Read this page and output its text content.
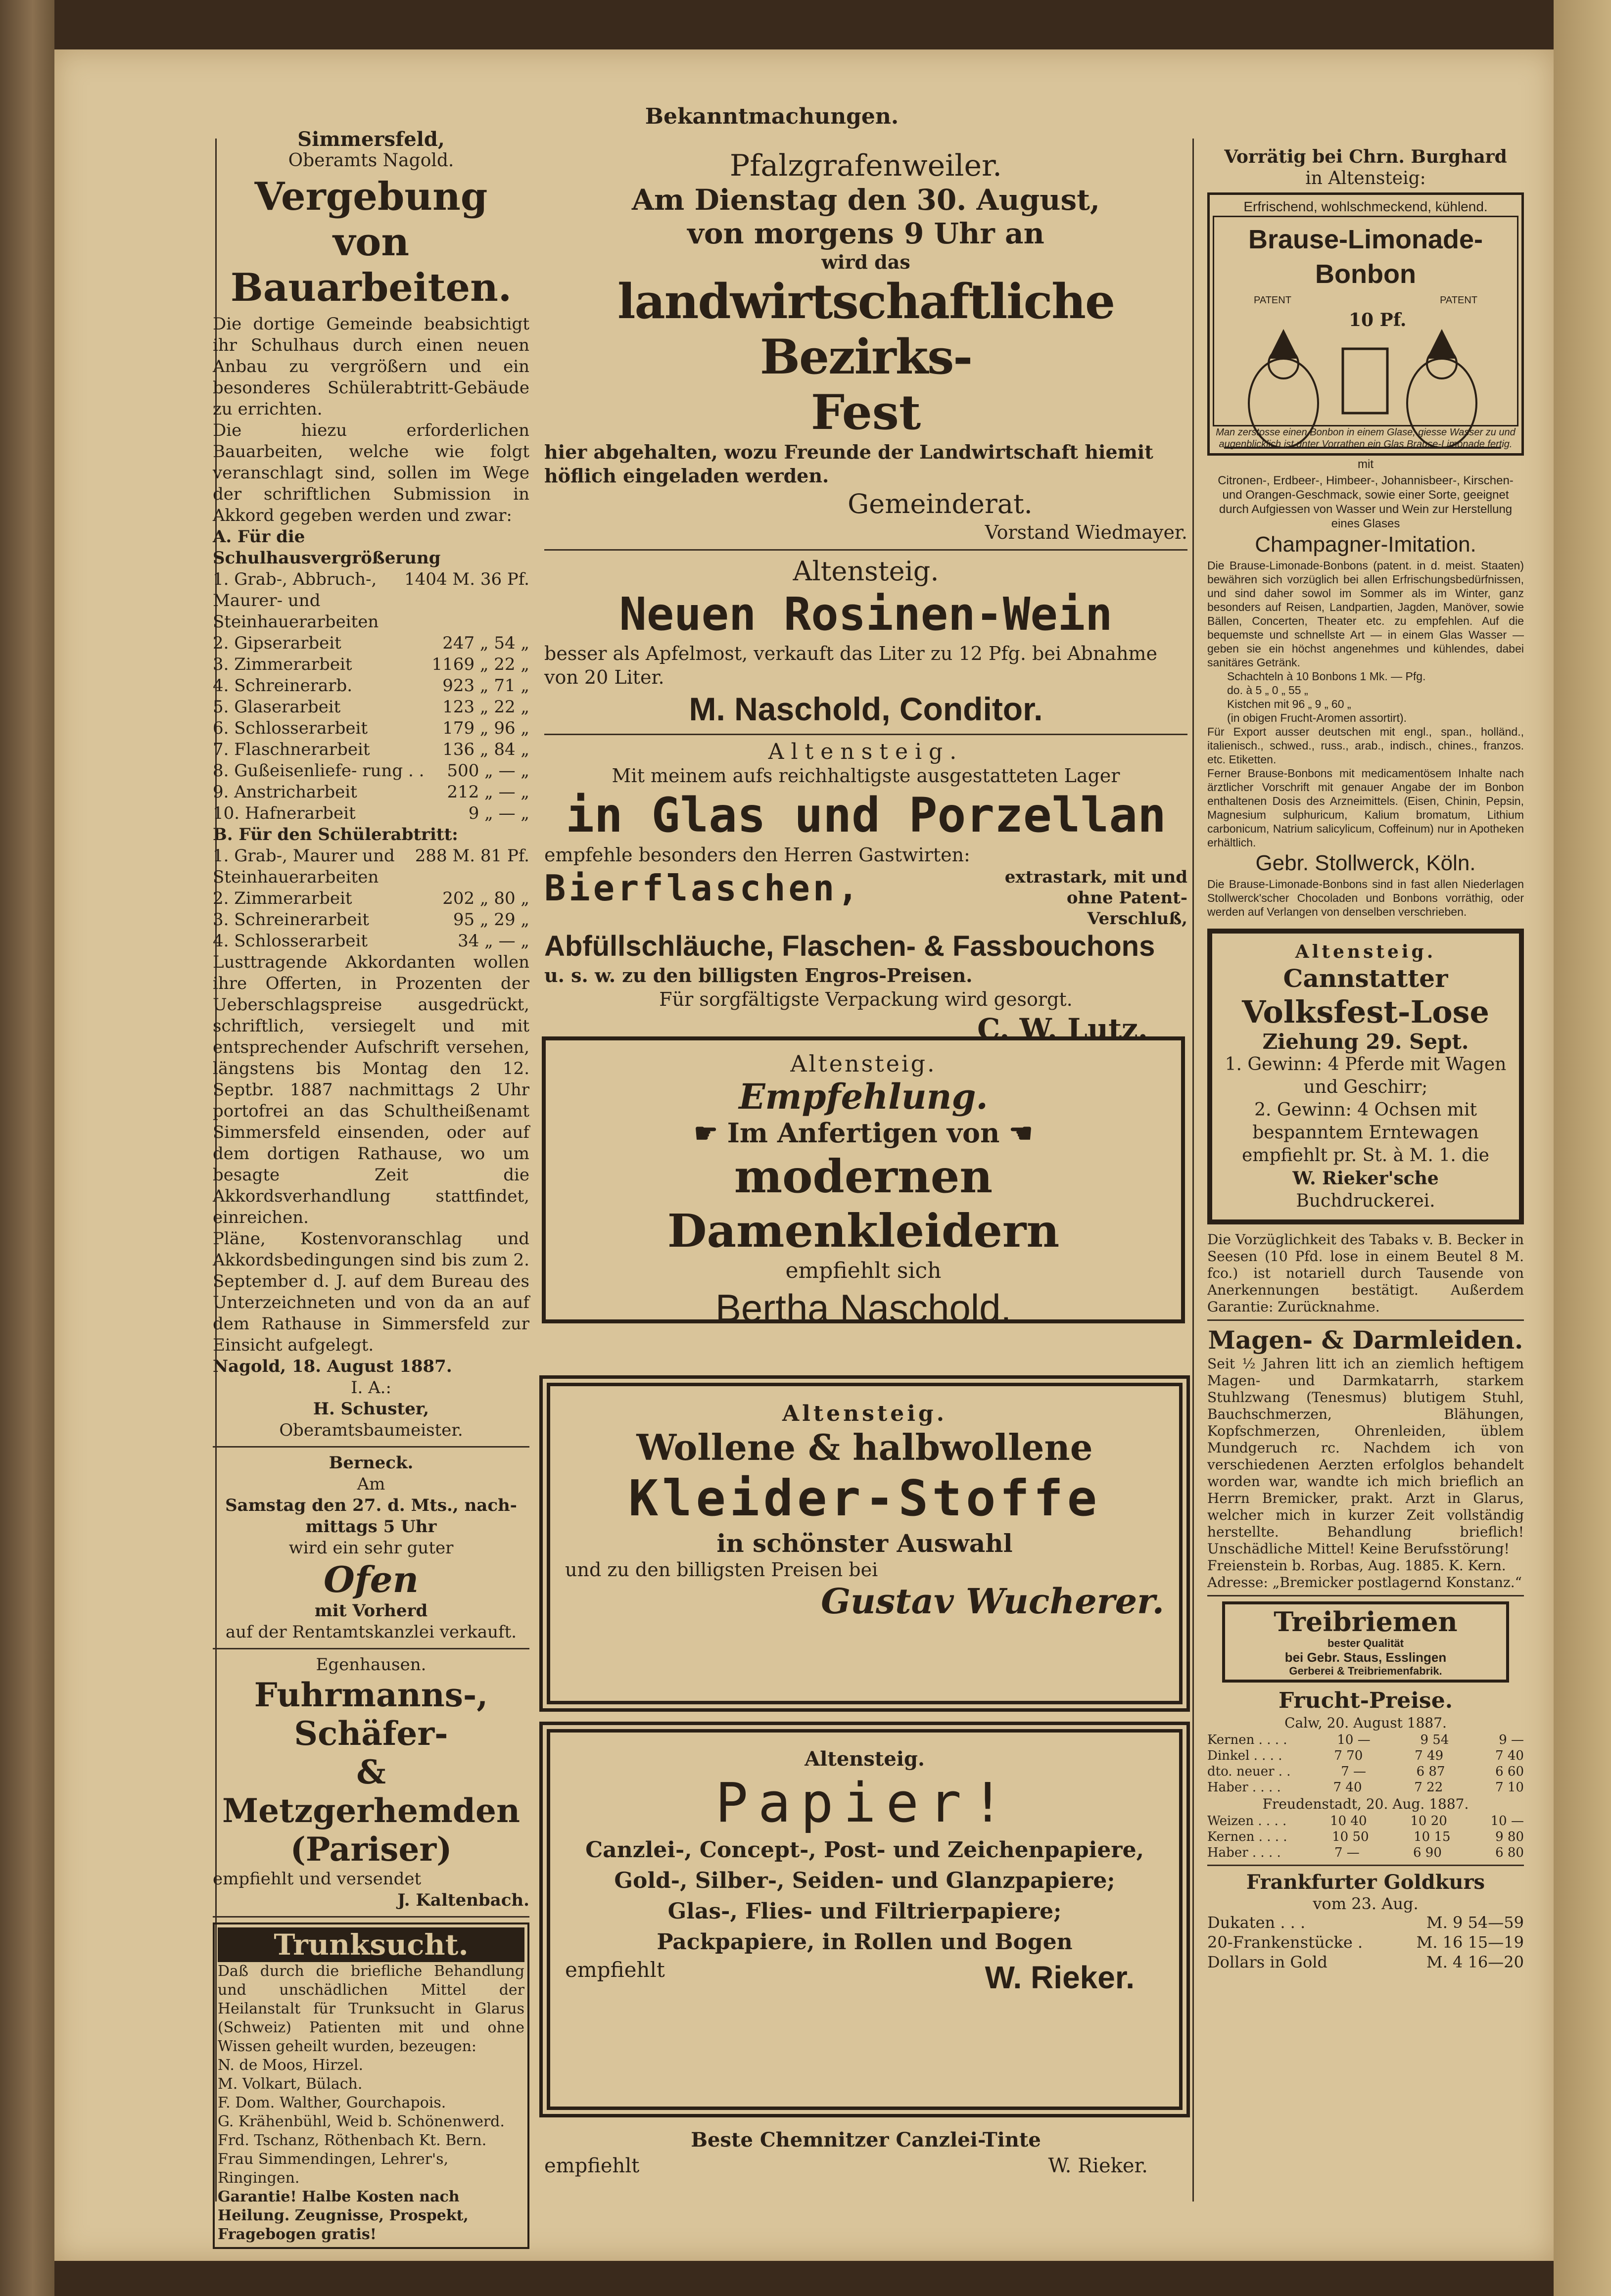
Bekanntmachungen.
Simmersfeld,
Oberamts Nagold.
Vergebung von Bauarbeiten.

Die dortige Gemeinde beabsichtigt ihr Schulhaus durch einen neuen Anbau zu vergrößern und ein besonderes Schülerabtritt-Gebäude zu errichten.

Die hiezu erforderlichen Bauarbeiten, welche wie folgt veranschlagt sind, sollen im Wege der schriftlichen Submission in Akkord gegeben werden und zwar:

A. Für die Schulhausvergrößerung
1. Grab-, Abbruch-, Maurer- und Steinhauerarbeiten
1404 M. 36 Pf.
2. Gipserarbeit	247 „ 54 „
3. Zimmerarbeit	1169 „ 22 „
4. Schreinerarb.	923 „ 71 „
5. Glaserarbeit	123 „ 22 „
6. Schlosserarbeit	179 „ 96 „
7. Flaschnerarbeit	136 „ 84 „
8. Gußeisenliefe- rung . . 500 „ — „
9. Anstricharbeit	212 „ — „
10. Hafnerarbeit	9 „ — „
B. Für den Schülerabtritt:
1. Grab-, Maurer und Steinhauerarbeiten
288 M. 81 Pf.
2. Zimmerarbeit	202 „ 80 „
3. Schreinerarbeit	95 „ 29 „
4. Schlosserarbeit	34 „ — „

Lusttragende Akkordanten wollen ihre Offerten, in Prozenten der Ueberschlagspreise ausgedrückt, schriftlich, versiegelt und mit entsprechender Aufschrift versehen, längstens bis Montag den 12. Septbr. 1887 nachmittags 2 Uhr portofrei an das Schultheißenamt Simmersfeld einsenden, oder auf dem dortigen Rathause, wo um besagte Zeit die Akkordsverhandlung stattfindet, einreichen.

Pläne, Kostenvoranschlag und Akkordsbedingungen sind bis zum 2. September d. J. auf dem Bureau des Unterzeichneten und von da an auf dem Rathause in Simmersfeld zur Einsicht aufgelegt.

Nagold, 18. August 1887.
I. A.:
H. Schuster,
Oberamtsbaumeister.
Berneck.
Am
Samstag den 27. d. Mts., nach-
mittags 5 Uhr
wird ein sehr guter
Ofen
mit Vorherd
auf der Rentamtskanzlei verkauft.
Egenhausen.
Fuhrmanns-, Schäfer-
& Metzgerhemden
(Pariser)
empfiehlt und versendet
J. Kaltenbach.
Trunksucht.

Daß durch die briefliche Behandlung und unschädlichen Mittel der Heilanstalt für Trunksucht in Glarus (Schweiz) Patienten mit und ohne Wissen geheilt wurden, bezeugen:

N. de Moos, Hirzel.
M. Volkart, Bülach.
F. Dom. Walther, Gourchapois.
G. Krähenbühl, Weid b. Schönenwerd.
Frd. Tschanz, Röthenbach Kt. Bern.
Frau Simmendingen, Lehrer's, Ringingen.

Garantie! Halbe Kosten nach Heilung. Zeugnisse, Prospekt, Fragebogen gratis!

Pfalzgrafenweiler.
Am Dienstag den 30. August,
von morgens 9 Uhr an
wird das
landwirtschaftliche Bezirks-
Fest

hier abgehalten, wozu Freunde der Landwirtschaft hiemit höflich eingeladen werden.

Gemeinderat.
Vorstand Wiedmayer.
Altensteig.
Neuen Rosinen-Wein

besser als Apfelmost, verkauft das Liter zu 12 Pfg. bei Abnahme von 20 Liter.

M. Naschold, Conditor.
Altensteig.
Mit meinem aufs reichhaltigste ausgestatteten Lager
in Glas und Porzellan
empfehle besonders den Herren Gastwirten:
Bierflaschen,	extrastark, mit und ohne Patent-Verschluß,
Abfüllschläuche, Flaschen- & Fassbouchons
u. s. w. zu den billigsten Engros-Preisen.
Für sorgfältigste Verpackung wird gesorgt.
C. W. Lutz.
Altensteig.
Empfehlung.
☛ Im Anfertigen von ☚
modernen Damenkleidern
empfiehlt sich
Bertha Naschold.
Altensteig.
Wollene & halbwollene
Kleider-Stoffe
in schönster Auswahl
und zu den billigsten Preisen bei
Gustav Wucherer.
Altensteig.
Papier!
Canzlei-, Concept-, Post- und Zeichenpapiere,
Gold-, Silber-, Seiden- und Glanzpapiere;
Glas-, Flies- und Filtrierpapiere;
Packpapiere, in Rollen und Bogen
empfiehlt	W. Rieker.
Beste Chemnitzer Canzlei-Tinte
empfiehlt	W. Rieker.
Vorrätig bei Chrn. Burghard
in Altensteig:
Erfrischend, wohlschmeckend, kühlend.
Brause-Limonade-Bonbon
PATENT	PATENT
10 Pf.
Man zerstosse einen Bonbon in einem Glase, giesse Wasser zu und augenblicklich ist unter Vorrathen ein Glas Brause-Limonade fertig.
mit

Citronen-, Erdbeer-, Himbeer-, Johannisbeer-, Kirschen- und Orangen-Geschmack, sowie einer Sorte, geeignet durch Aufgiessen von Wasser und Wein zur Herstellung eines Glases

Champagner-Imitation.

Die Brause-Limonade-Bonbons (patent. in d. meist. Staaten) bewähren sich vorzüglich bei allen Erfrischungsbedürfnissen, und sind daher sowol im Sommer als im Winter, ganz besonders auf Reisen, Landpartien, Jagden, Manöver, sowie Bällen, Concerten, Theater etc. zu empfehlen. Auf die bequemste und schnellste Art — in einem Glas Wasser — geben sie ein höchst angenehmes und kühlendes, dabei sanitäres Getränk.

Schachteln à 10 Bonbons 1 Mk. — Pfg.
do. à 5 „ 0 „ 55 „
Kistchen mit 96 „ 9 „ 60 „
(in obigen Frucht-Aromen assortirt).

Für Export ausser deutschen mit engl., span., holländ., italienisch., schwed., russ., arab., indisch., chines., franzos. etc. Etiketten.

Ferner Brause-Bonbons mit medicamentösem Inhalte nach ärztlicher Vorschrift mit genauer Angabe der im Bonbon enthaltenen Dosis des Arzneimittels. (Eisen, Chinin, Pepsin, Magnesium sulphuricum, Kalium bromatum, Lithium carbonicum, Natrium salicylicum, Coffeinum) nur in Apotheken erhältlich.

Gebr. Stollwerck, Köln.

Die Brause-Limonade-Bonbons sind in fast allen Niederlagen Stollwerck'scher Chocoladen und Bonbons vorräthig, oder werden auf Verlangen von denselben verschrieben.

Altensteig.
Cannstatter
Volksfest-Lose
Ziehung 29. Sept.
1. Gewinn: 4 Pferde mit Wagen und Geschirr;
2. Gewinn: 4 Ochsen mit bespanntem Erntewagen
empfiehlt pr. St. à M. 1. die
W. Rieker'sche
Buchdruckerei.

Die Vorzüglichkeit des Tabaks v. B. Becker in Seesen (10 Pfd. lose in einem Beutel 8 M. fco.) ist notariell durch Tausende von Anerkennungen bestätigt. Außerdem Garantie: Zurücknahme.

Magen- & Darmleiden.

Seit ½ Jahren litt ich an ziemlich heftigem Magen- und Darmkatarrh, starkem Stuhlzwang (Tenesmus) blutigem Stuhl, Bauchschmerzen, Blähungen, Kopfschmerzen, Ohrenleiden, üblem Mundgeruch rc. Nachdem ich von verschiedenen Aerzten erfolglos behandelt worden war, wandte ich mich brieflich an Herrn Bremicker, prakt. Arzt in Glarus, welcher mich in kurzer Zeit vollständig herstellte. Behandlung brieflich! Unschädliche Mittel! Keine Berufsstörung!

Freienstein b. Rorbas, Aug. 1885. K. Kern.
Adresse: „Bremicker postlagernd Konstanz.“
Treibriemen
bester Qualität
bei Gebr. Staus, Esslingen
Gerberei & Treibriemenfabrik.
Frucht-Preise.
Calw, 20. August 1887.
Kernen . . . .	10 —	9 54	9 —
Dinkel . . . .	7 70	7 49	7 40
dto. neuer . .	7 —	6 87	6 60
Haber . . . .	7 40	7 22	7 10
Freudenstadt, 20. Aug. 1887.
Weizen . . . .	10 40	10 20	10 —
Kernen . . . .	10 50	10 15	9 80
Haber . . . .	7 —	6 90	6 80
Frankfurter Goldkurs
vom 23. Aug.
Dukaten . . .	M. 9 54—59
20-Frankenstücke .	M. 16 15—19
Dollars in Gold	M. 4 16—20
